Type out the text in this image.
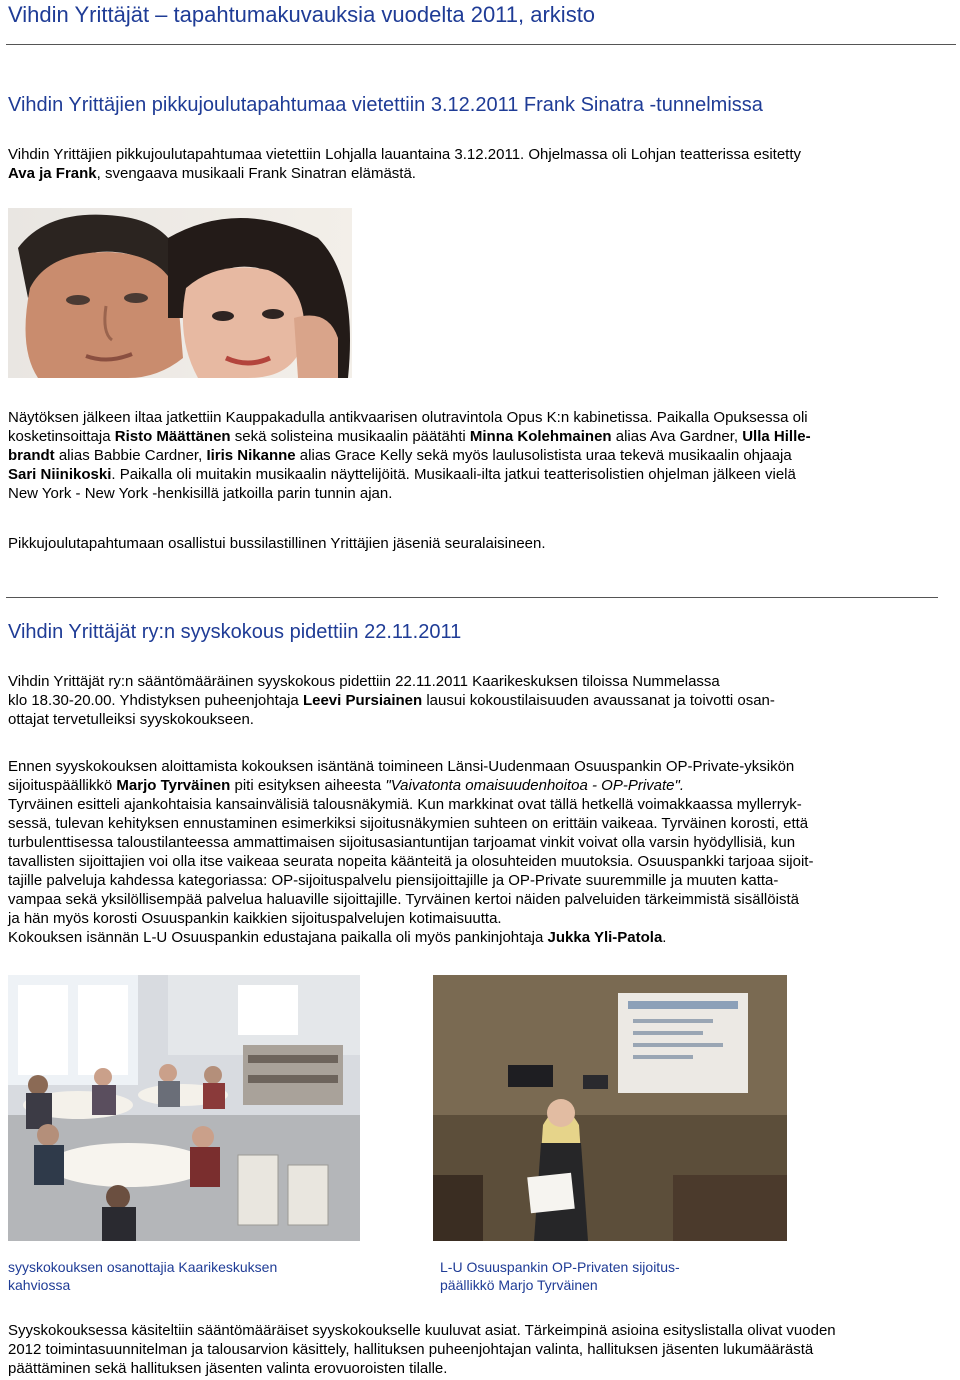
Vihdin Yrittäjät – tapahtumakuvauksia vuodelta 2011, arkisto
Vihdin Yrittäjien pikkujoulutapahtumaa vietettiin 3.12.2011 Frank Sinatra -tunnelmissa
Vihdin Yrittäjien pikkujoulutapahtumaa vietettiin Lohjalla lauantaina 3.12.2011. Ohjelmassa oli Lohjan teatterissa esitetty
Ava ja Frank, svengaava musikaali Frank Sinatran elämästä.
Näytöksen jälkeen iltaa jatkettiin Kauppakadulla antikvaarisen olutravintola Opus K:n kabinetissa. Paikalla Opuksessa oli
kosketinsoittaja Risto Määttänen sekä solisteina musikaalin päätähti Minna Kolehmainen alias Ava Gardner, Ulla Hille-
brandt alias Babbie Cardner, Iiris Nikanne alias Grace Kelly sekä myös laulusolistista uraa tekevä musikaalin ohjaaja
Sari Niinikoski. Paikalla oli muitakin musikaalin näyttelijöitä. Musikaali-ilta jatkui teatterisolistien ohjelman jälkeen vielä
New York - New York -henkisillä jatkoilla parin tunnin ajan.
Pikkujoulutapahtumaan osallistui bussilastillinen Yrittäjien jäseniä seuralaisineen.
Vihdin Yrittäjät ry:n syyskokous pidettiin 22.11.2011
Vihdin Yrittäjät ry:n sääntömääräinen syyskokous pidettiin 22.11.2011 Kaarikeskuksen tiloissa Nummelassa
klo 18.30-20.00. Yhdistyksen puheenjohtaja Leevi Pursiainen lausui kokoustilaisuuden avaussanat ja toivotti osan-
ottajat tervetulleiksi syyskokoukseen.
Ennen syyskokouksen aloittamista kokouksen isäntänä toimineen Länsi-Uudenmaan Osuuspankin OP-Private-yksikön
sijoituspäällikkö Marjo Tyrväinen piti esityksen aiheesta "Vaivatonta omaisuudenhoitoa - OP-Private".
Tyrväinen esitteli ajankohtaisia kansainvälisiä talousnäkymiä. Kun markkinat ovat tällä hetkellä voimakkaassa myllerryk-
sessä, tulevan kehityksen ennustaminen esimerkiksi sijoitusnäkymien suhteen on erittäin vaikeaa. Tyrväinen korosti, että
turbulenttisessa taloustilanteessa ammattimaisen sijoitusasiantuntijan tarjoamat vinkit voivat olla varsin hyödyllisiä, kun
tavallisten sijoittajien voi olla itse vaikeaa seurata nopeita käänteitä ja olosuhteiden muutoksia. Osuuspankki tarjoaa sijoit-
tajille palveluja kahdessa kategoriassa: OP-sijoituspalvelu piensijoittajille ja OP-Private suuremmille ja muuten katta-
vampaa sekä yksilöllisempää palvelua haluaville sijoittajille. Tyrväinen kertoi näiden palveluiden tärkeimmistä sisällöistä
ja hän myös korosti Osuuspankin kaikkien sijoituspalvelujen kotimaisuutta.
Kokouksen isännän L-U Osuuspankin edustajana paikalla oli myös pankinjohtaja Jukka Yli-Patola.
syyskokouksen osanottajia Kaarikeskuksen
kahviossa
L-U Osuuspankin OP-Privaten sijoitus-
päällikkö Marjo Tyrväinen
Syyskokouksessa käsiteltiin sääntömääräiset syyskokoukselle kuuluvat asiat. Tärkeimpinä asioina esityslistalla olivat vuoden
2012 toimintasuunnitelman ja talousarvion käsittely, hallituksen puheenjohtajan valinta, hallituksen jäsenten lukumäärästä
päättäminen sekä hallituksen jäsenten valinta erovuoroisten tilalle.
